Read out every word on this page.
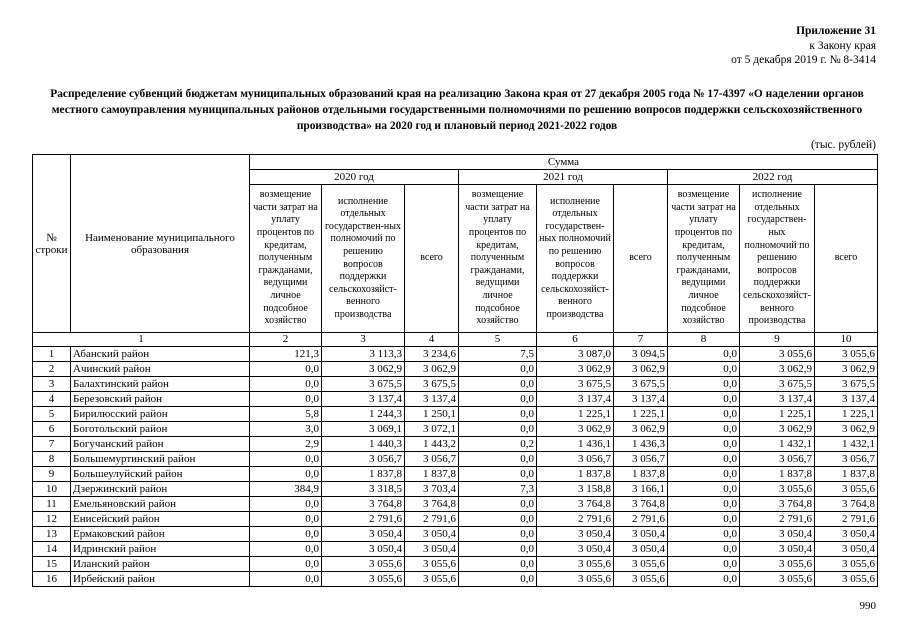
Приложение 31
к Закону края
от 5 декабря 2019 г. № 8-3414
Распределение субвенций бюджетам муниципальных образований края на реализацию Закона края от 27 декабря 2005 года № 17-4397 «О наделении органов местного самоуправления муниципальных районов отдельными государственными полномочиями по решению вопросов поддержки сельскохозяйственного производства» на 2020 год и плановый период 2021-2022 годов
(тыс. рублей)
№ строки	Наименование муниципального образования	Сумма								
		2020 год			2021 год			2022 год		
		возмещение части затрат на уплату процентов по кредитам, полученным гражданами, ведущими личное подсобное хозяйство	исполнение отдельных государствен-ных полномочий по решению вопросов поддержки сельскохозяйст-венного производства	всего	возмещение части затрат на уплату процентов по кредитам, полученным гражданами, ведущими личное подсобное хозяйство	исполнение отдельных государствен-ных полномочий по решению вопросов поддержки сельскохозяйст-венного производства	всего	возмещение части затрат на уплату процентов по кредитам, полученным гражданами, ведущими личное подсобное хозяйство	исполнение отдельных государствен-ных полномочий по решению вопросов поддержки сельскохозяйст-венного производства	всего
1		2	3	4	5	6	7	8	9	10
1	Абанский район	121,3	3 113,3	3 234,6	7,5	3 087,0	3 094,5	0,0	3 055,6	3 055,6
2	Ачинский район	0,0	3 062,9	3 062,9	0,0	3 062,9	3 062,9	0,0	3 062,9	3 062,9
3	Балахтинский район	0,0	3 675,5	3 675,5	0,0	3 675,5	3 675,5	0,0	3 675,5	3 675,5
4	Березовский район	0,0	3 137,4	3 137,4	0,0	3 137,4	3 137,4	0,0	3 137,4	3 137,4
5	Бирилюсский район	5,8	1 244,3	1 250,1	0,0	1 225,1	1 225,1	0,0	1 225,1	1 225,1
6	Боготольский район	3,0	3 069,1	3 072,1	0,0	3 062,9	3 062,9	0,0	3 062,9	3 062,9
7	Богучанский район	2,9	1 440,3	1 443,2	0,2	1 436,1	1 436,3	0,0	1 432,1	1 432,1
8	Большемуртинский район	0,0	3 056,7	3 056,7	0,0	3 056,7	3 056,7	0,0	3 056,7	3 056,7
9	Большеулуйский район	0,0	1 837,8	1 837,8	0,0	1 837,8	1 837,8	0,0	1 837,8	1 837,8
10	Дзержинский район	384,9	3 318,5	3 703,4	7,3	3 158,8	3 166,1	0,0	3 055,6	3 055,6
11	Емельяновский район	0,0	3 764,8	3 764,8	0,0	3 764,8	3 764,8	0,0	3 764,8	3 764,8
12	Енисейский район	0,0	2 791,6	2 791,6	0,0	2 791,6	2 791,6	0,0	2 791,6	2 791,6
13	Ермаковский район	0,0	3 050,4	3 050,4	0,0	3 050,4	3 050,4	0,0	3 050,4	3 050,4
14	Идринский район	0,0	3 050,4	3 050,4	0,0	3 050,4	3 050,4	0,0	3 050,4	3 050,4
15	Иланский район	0,0	3 055,6	3 055,6	0,0	3 055,6	3 055,6	0,0	3 055,6	3 055,6
16	Ирбейский район	0,0	3 055,6	3 055,6	0,0	3 055,6	3 055,6	0,0	3 055,6	3 055,6
990
